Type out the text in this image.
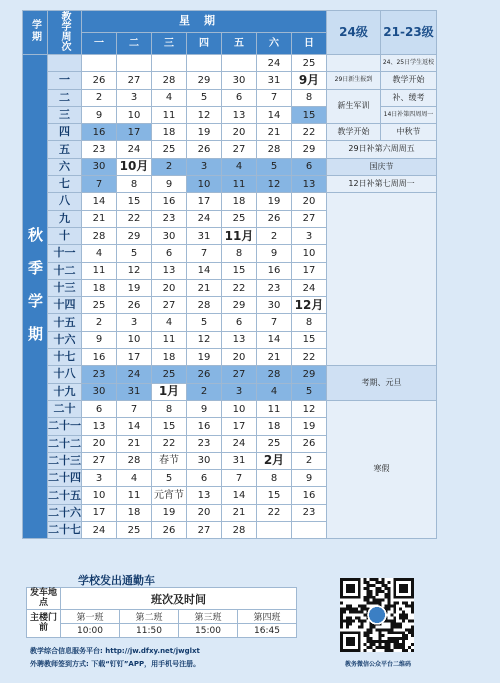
学期	教学周次	星期							24级	21-23级
		一	二	三	四	五	六	日		
秋季学期							24	25		24、25日学生返校
	一	26	27	28	29	30	31	9月	29日新生报到	教学开始
	二	2	3	4	5	6	7	8	新生军训	补、缓考
	三	9	10	11	12	13	14	15		14日补第四周周一
	四	16	17	18	19	20	21	22	教学开始	中秋节
	五	23	24	25	26	27	28	29	29日补第六周周五	
	六	30	10月	2	3	4	5	6	国庆节	
	七	7	8	9	10	11	12	13	12日补第七周周一	
	八	14	15	16	17	18	19	20		
	九	21	22	23	24	25	26	27		
	十	28	29	30	31	11月	2	3		
	十一	4	5	6	7	8	9	10		
	十二	11	12	13	14	15	16	17		
	十三	18	19	20	21	22	23	24		
	十四	25	26	27	28	29	30	12月		
	十五	2	3	4	5	6	7	8		
	十六	9	10	11	12	13	14	15		
	十七	16	17	18	19	20	21	22		
	十八	23	24	25	26	27	28	29	考期、元旦	
	十九	30	31	1月	2	3	4	5		
	二十	6	7	8	9	10	11	12	寒假	
	二十一	13	14	15	16	17	18	19		
	二十二	20	21	22	23	24	25	26		
	二十三	27	28	春节	30	31	2月	2		
	二十四	3	4	5	6	7	8	9		
	二十五	10	11	元宵节	13	14	15	16		
	二十六	17	18	19	20	21	22	23		
	二十七	24	25	26	27	28				
学校发出通勤车
发车地点	班次及时间			
主楼门前	第一班	第二班	第三班	第四班
	10:00	11:50	15:00	16:45
教学综合信息服务平台: http://jw.dfxy.net/jwglxt
外聘教师签到方式: 下载“钉钉”APP，用手机号注册。	教务微信公众平台二维码
